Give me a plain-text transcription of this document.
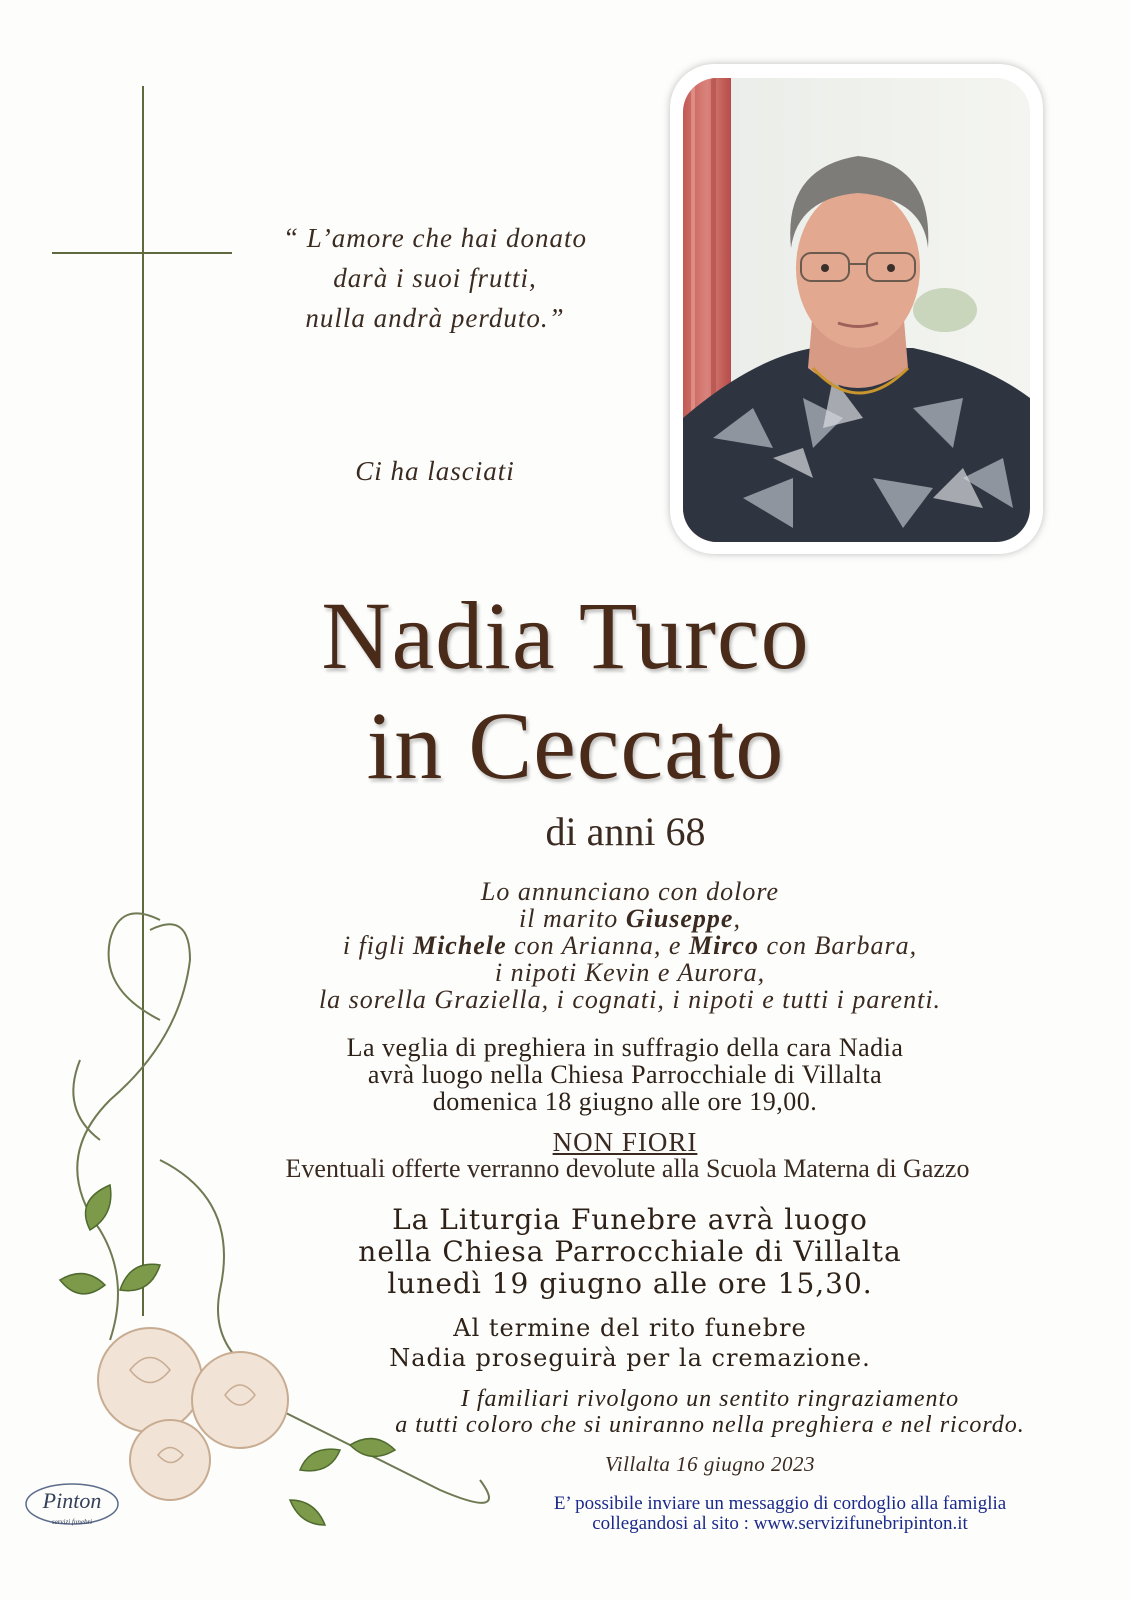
“ L’amore che hai donato
darà i suoi frutti,
nulla andrà perduto.”
Ci ha lasciati
Nadia Turco
in Ceccato
di anni 68
Lo annunciano con dolore
il marito Giuseppe,
i figli Michele con Arianna, e Mirco con Barbara,
i nipoti Kevin e Aurora,
la sorella Graziella, i cognati, i nipoti e tutti i parenti.
La veglia di preghiera in suffragio della cara Nadia
avrà luogo nella Chiesa Parrocchiale di Villalta
domenica 18 giugno alle ore 19,00.
NON FIORI
Eventuali offerte verranno devolute alla Scuola Materna di Gazzo
La Liturgia Funebre avrà luogo
nella Chiesa Parrocchiale di Villalta
lunedì 19 giugno alle ore 15,30.
Al termine del rito funebre
Nadia proseguirà per la cremazione.
I familiari rivolgono un sentito ringraziamento
a tutti coloro che si uniranno nella preghiera e nel ricordo.
Villalta 16 giugno 2023
E’ possibile inviare un messaggio di cordoglio alla famiglia
collegandosi al sito : www.servizifunebripinton.it
Pinton
servizi funebri
